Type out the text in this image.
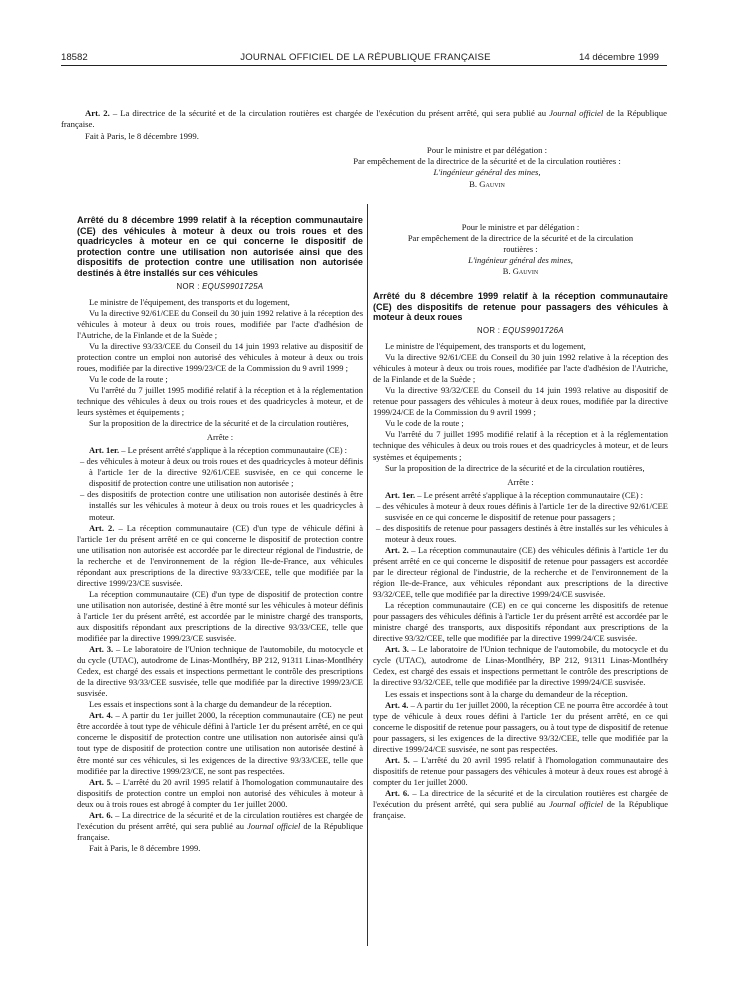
18582	JOURNAL OFFICIEL DE LA RÉPUBLIQUE FRANÇAISE	14 décembre 1999

Art. 2. – La directrice de la sécurité et de la circulation routières est chargée de l'exécution du présent arrêté, qui sera publié au Journal officiel de la République française.

Fait à Paris, le 8 décembre 1999.

Pour le ministre et par délégation :
Par empêchement de la directrice de la sécurité et de la circulation routières :
L'ingénieur général des mines,
B. Gauvin
Arrêté du 8 décembre 1999 relatif à la réception communautaire (CE) des véhicules à moteur à deux ou trois roues et des quadricycles à moteur en ce qui concerne le dispositif de protection contre une utilisation non autorisée ainsi que des dispositifs de protection contre une utilisation non autorisée destinés à être installés sur ces véhicules
NOR : EQUS9901725A

Le ministre de l'équipement, des transports et du logement,

Vu la directive 92/61/CEE du Conseil du 30 juin 1992 relative à la réception des véhicules à moteur à deux ou trois roues, modifiée par l'acte d'adhésion de l'Autriche, de la Finlande et de la Suède ;

Vu la directive 93/33/CEE du Conseil du 14 juin 1993 relative au dispositif de protection contre un emploi non autorisé des véhicules à moteur à deux ou trois roues, modifiée par la directive 1999/23/CE de la Commission du 9 avril 1999 ;

Vu le code de la route ;

Vu l'arrêté du 7 juillet 1995 modifié relatif à la réception et à la réglementation technique des véhicules à deux ou trois roues et des quadricycles à moteur, et de leurs systèmes et équipements ;

Sur la proposition de la directrice de la sécurité et de la circulation routières,

Arrête :

Art. 1er. – Le présent arrêté s'applique à la réception communautaire (CE) :

– des véhicules à moteur à deux ou trois roues et des quadricycles à moteur définis à l'article 1er de la directive 92/61/CEE susvisée, en ce qui concerne le dispositif de protection contre une utilisation non autorisée ;
– des dispositifs de protection contre une utilisation non autorisée destinés à être installés sur les véhicules à moteur à deux ou trois roues et les quadricycles à moteur.

Art. 2. – La réception communautaire (CE) d'un type de véhicule défini à l'article 1er du présent arrêté en ce qui concerne le dispositif de protection contre une utilisation non autorisée est accordée par le directeur régional de l'industrie, de la recherche et de l'environnement de la région Ile-de-France, aux véhicules répondant aux prescriptions de la directive 93/33/CEE, telle que modifiée par la directive 1999/23/CE susvisée.

La réception communautaire (CE) d'un type de dispositif de protection contre une utilisation non autorisée, destiné à être monté sur les véhicules à moteur définis à l'article 1er du présent arrêté, est accordée par le ministre chargé des transports, aux dispositifs répondant aux prescriptions de la directive 93/33/CEE, telle que modifiée par la directive 1999/23/CE susvisée.

Art. 3. – Le laboratoire de l'Union technique de l'automobile, du motocycle et du cycle (UTAC), autodrome de Linas-Montlhéry, BP 212, 91311 Linas-Montlhéry Cedex, est chargé des essais et inspections permettant le contrôle des prescriptions de la directive 93/33/CEE susvisée, telle que modifiée par la directive 1999/23/CE susvisée.

Les essais et inspections sont à la charge du demandeur de la réception.

Art. 4. – A partir du 1er juillet 2000, la réception communautaire (CE) ne peut être accordée à tout type de véhicule défini à l'article 1er du présent arrêté, en ce qui concerne le dispositif de protection contre une utilisation non autorisée ainsi qu'à tout type de dispositif de protection contre une utilisation non autorisée destiné à être monté sur ces véhicules, si les exigences de la directive 93/33/CEE, telle que modifiée par la directive 1999/23/CE, ne sont pas respectées.

Art. 5. – L'arrêté du 20 avril 1995 relatif à l'homologation communautaire des dispositifs de protection contre un emploi non autorisé des véhicules à moteur à deux ou à trois roues est abrogé à compter du 1er juillet 2000.

Art. 6. – La directrice de la sécurité et de la circulation routières est chargée de l'exécution du présent arrêté, qui sera publié au Journal officiel de la République française.

Fait à Paris, le 8 décembre 1999.

Pour le ministre et par délégation :
Par empêchement de la directrice de la sécurité et de la circulation routières :
L'ingénieur général des mines,
B. Gauvin
Arrêté du 8 décembre 1999 relatif à la réception communautaire (CE) des dispositifs de retenue pour passagers des véhicules à moteur à deux roues
NOR : EQUS9901726A

Le ministre de l'équipement, des transports et du logement,

Vu la directive 92/61/CEE du Conseil du 30 juin 1992 relative à la réception des véhicules à moteur à deux ou trois roues, modifiée par l'acte d'adhésion de l'Autriche, de la Finlande et de la Suède ;

Vu la directive 93/32/CEE du Conseil du 14 juin 1993 relative au dispositif de retenue pour passagers des véhicules à moteur à deux roues, modifiée par la directive 1999/24/CE de la Commission du 9 avril 1999 ;

Vu le code de la route ;

Vu l'arrêté du 7 juillet 1995 modifié relatif à la réception et à la réglementation technique des véhicules à deux ou trois roues et des quadricycles à moteur, et de leurs systèmes et équipements ;

Sur la proposition de la directrice de la sécurité et de la circulation routières,

Arrête :

Art. 1er. – Le présent arrêté s'applique à la réception communautaire (CE) :

– des véhicules à moteur à deux roues définis à l'article 1er de la directive 92/61/CEE susvisée en ce qui concerne le dispositif de retenue pour passagers ;
– des dispositifs de retenue pour passagers destinés à être installés sur les véhicules à moteur à deux roues.

Art. 2. – La réception communautaire (CE) des véhicules définis à l'article 1er du présent arrêté en ce qui concerne le dispositif de retenue pour passagers est accordée par le directeur régional de l'industrie, de la recherche et de l'environnement de la région Ile-de-France, aux véhicules répondant aux prescriptions de la directive 93/32/CEE, telle que modifiée par la directive 1999/24/CE susvisée.

La réception communautaire (CE) en ce qui concerne les dispositifs de retenue pour passagers des véhicules définis à l'article 1er du présent arrêté est accordée par le ministre chargé des transports, aux dispositifs répondant aux prescriptions de la directive 93/32/CEE, telle que modifiée par la directive 1999/24/CE susvisée.

Art. 3. – Le laboratoire de l'Union technique de l'automobile, du motocycle et du cycle (UTAC), autodrome de Linas-Montlhéry, BP 212, 91311 Linas-Montlhéry Cedex, est chargé des essais et inspections permettant le contrôle des prescriptions de la directive 93/32/CEE, telle que modifiée par la directive 1999/24/CE susvisée.

Les essais et inspections sont à la charge du demandeur de la réception.

Art. 4. – A partir du 1er juillet 2000, la réception CE ne pourra être accordée à tout type de véhicule à deux roues défini à l'article 1er du présent arrêté, en ce qui concerne le dispositif de retenue pour passagers, ou à tout type de dispositif de retenue pour passagers, si les exigences de la directive 93/32/CEE, telle que modifiée par la directive 1999/24/CE susvisée, ne sont pas respectées.

Art. 5. – L'arrêté du 20 avril 1995 relatif à l'homologation communautaire des dispositifs de retenue pour passagers des véhicules à moteur à deux roues est abrogé à compter du 1er juillet 2000.

Art. 6. – La directrice de la sécurité et de la circulation routières est chargée de l'exécution du présent arrêté, qui sera publié au Journal officiel de la République française.
